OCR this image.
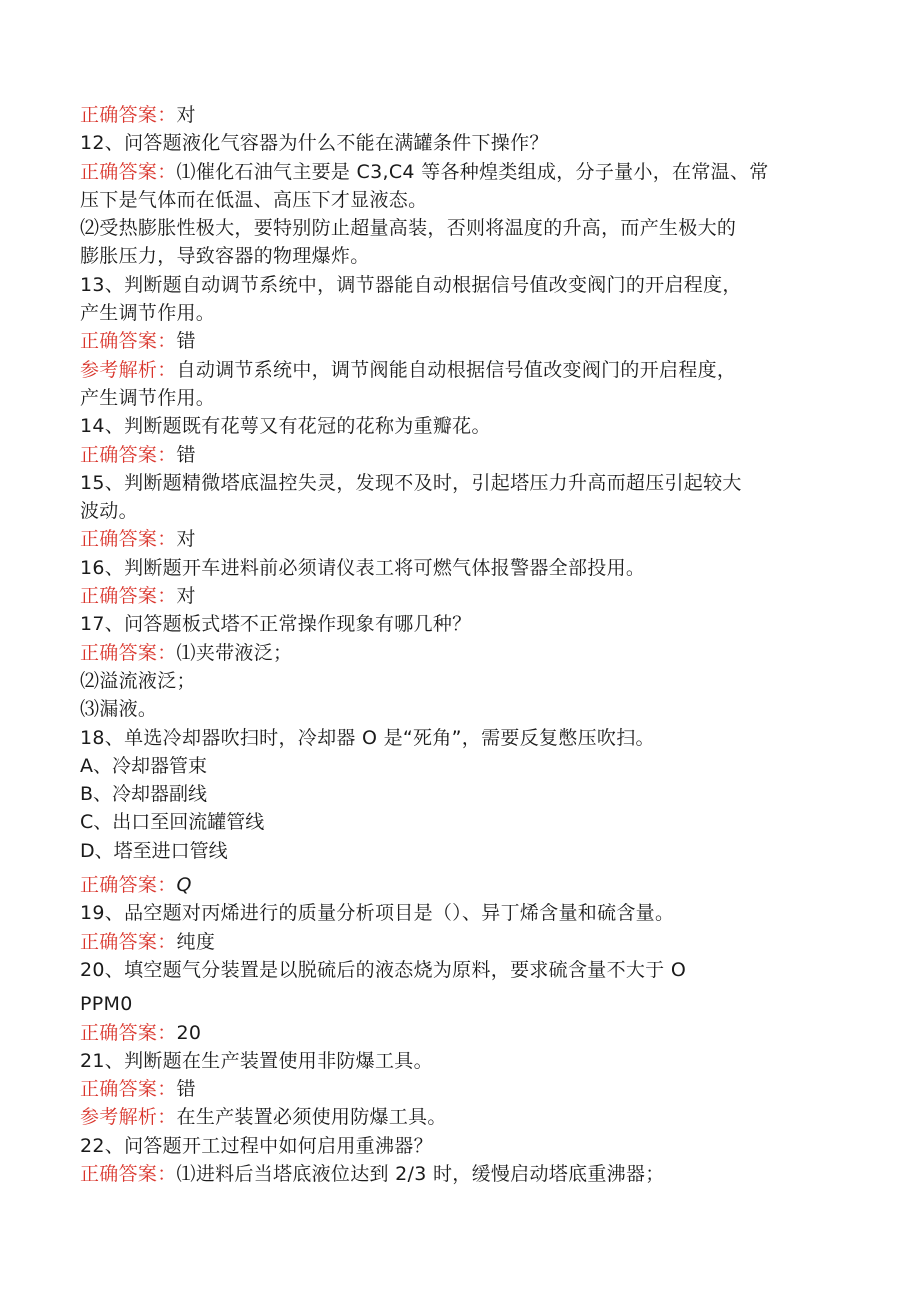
正确答案：对
12、问答题液化气容器为什么不能在满罐条件下操作？
正确答案：⑴催化石油气主要是 C3,C4 等各种煌类组成，分子量小，在常温、常
压下是气体而在低温、高压下才显液态。
⑵受热膨胀性极大，要特别防止超量高装，否则将温度的升高，而产生极大的
膨胀压力，导致容器的物理爆炸。
13、判断题自动调节系统中，调节器能自动根据信号值改变阀门的开启程度，
产生调节作用。
正确答案：错
参考解析：自动调节系统中，调节阀能自动根据信号值改变阀门的开启程度，
产生调节作用。
14、判断题既有花萼又有花冠的花称为重瓣花。
正确答案：错
15、判断题精微塔底温控失灵，发现不及时，引起塔压力升高而超压引起较大
波动。
正确答案：对
16、判断题开车进料前必须请仪表工将可燃气体报警器全部投用。
正确答案：对
17、问答题板式塔不正常操作现象有哪几种？
正确答案：⑴夹带液泛；
⑵溢流液泛；
⑶漏液。
18、单选冷却器吹扫时，冷却器 O 是“死角”，需要反复憋压吹扫。
A、冷却器管束
B、冷却器副线
C、出口至回流罐管线
D、塔至进口管线
正确答案：Q
19、品空题对丙烯进行的质量分析项目是（）、异丁烯含量和硫含量。
正确答案：纯度
20、填空题气分装置是以脱硫后的液态烧为原料，要求硫含量不大于 O
PPM0
正确答案：20
21、判断题在生产装置使用非防爆工具。
正确答案：错
参考解析：在生产装置必须使用防爆工具。
22、问答题开工过程中如何启用重沸器？
正确答案：⑴进料后当塔底液位达到 2/3 时，缓慢启动塔底重沸器；
